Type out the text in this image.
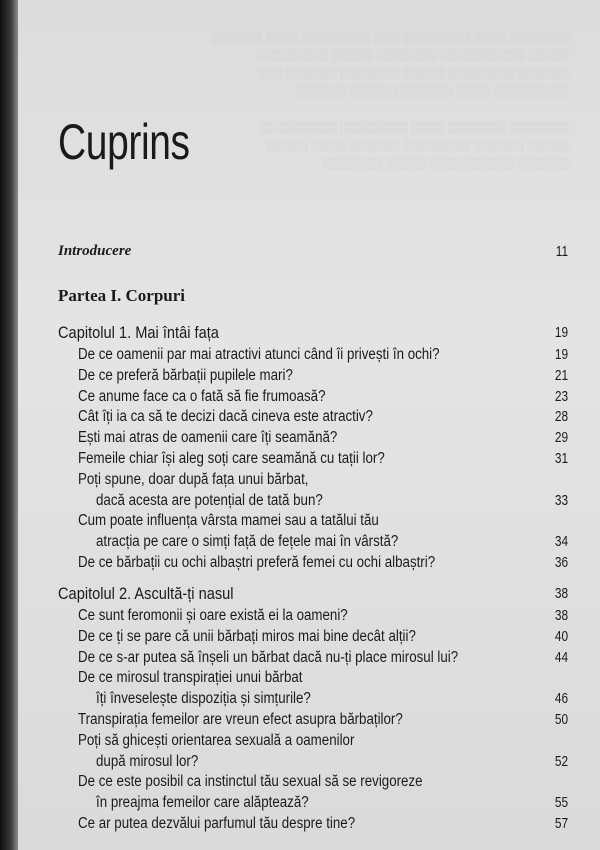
░░░░░░░ ░░░░ ░░░░░░░░ ░░░ ░░░░░░░░ ░░░░ ░░░░░░
░░░░░ ░░░░░░░░░░ ░░░░░░░ ░░░░░ ░░░ ░░░░░
░░░░░░ ░░░░░░░░ ░░░░░ ░░░░░░░ ░░░░░░ ░░░
░░░░░░░░░ ░░░░ ░░░░░░░ ░░░░░ ░░░░░░

░░░░░░░ ░░░░░░░ ░░░░ ░░░░░░░░ ░░░░░░░░░
░░░░░ ░░░░░░ ░░░░░░░░ ░░░░░░ ░░░░ ░░░░░
░░░░░░ ░░░░░░░░░░ ░░░░░ ░░░░░░░
Cuprins
Introducere	11
Partea I. Corpuri
Capitolul 1. Mai întâi fața	19
De ce oamenii par mai atractivi atunci când îi privești în ochi?	19
De ce preferă bărbații pupilele mari?	21
Ce anume face ca o fată să fie frumoasă?	23
Cât îți ia ca să te decizi dacă cineva este atractiv?	28
Ești mai atras de oamenii care îți seamănă?	29
Femeile chiar își aleg soți care seamănă cu tații lor?	31
Poți spune, doar după fața unui bărbat,
dacă acesta are potențial de tată bun?	33
Cum poate influența vârsta mamei sau a tatălui tău
atracția pe care o simți față de fețele mai în vârstă?	34
De ce bărbații cu ochi albaștri preferă femei cu ochi albaștri?	36
Capitolul 2. Ascultă-ți nasul	38
Ce sunt feromonii și oare există ei la oameni?	38
De ce ți se pare că unii bărbați miros mai bine decât alții?	40
De ce s-ar putea să înșeli un bărbat dacă nu-ți place mirosul lui?	44
De ce mirosul transpirației unui bărbat
îți înveselește dispoziția și simțurile?	46
Transpirația femeilor are vreun efect asupra bărbaților?	50
Poți să ghicești orientarea sexuală a oamenilor
după mirosul lor?	52
De ce este posibil ca instinctul tău sexual să se revigoreze
în preajma femeilor care alăptează?	55
Ce ar putea dezvălui parfumul tău despre tine?	57
